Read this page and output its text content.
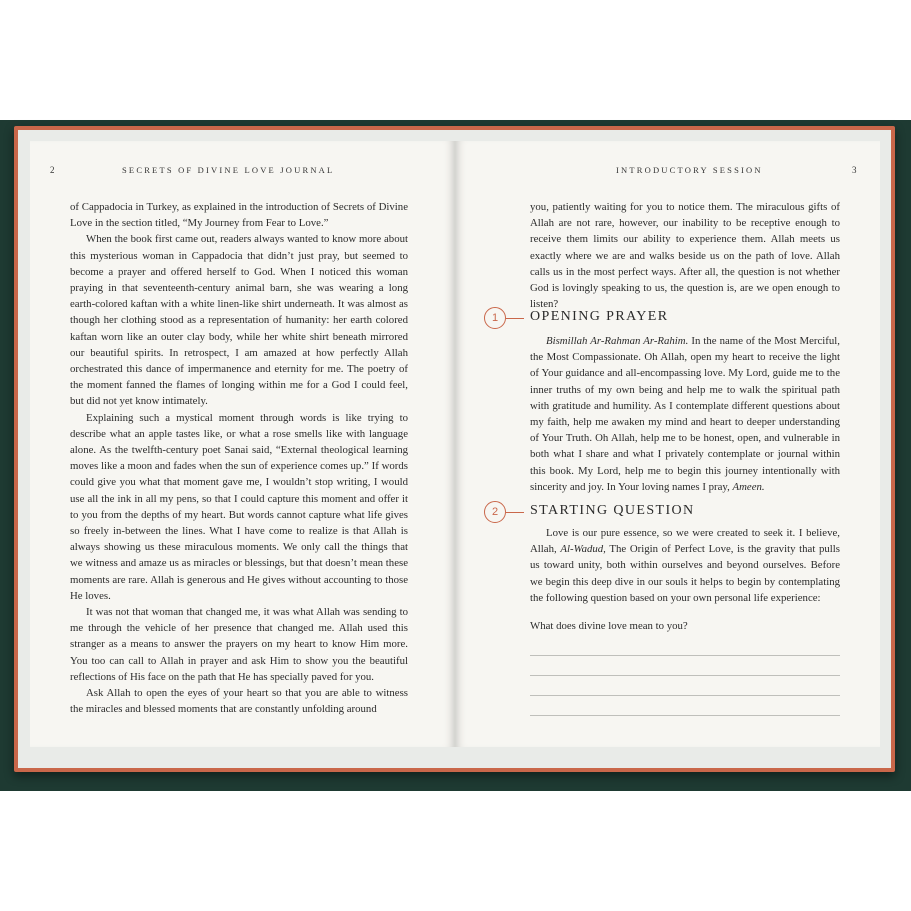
2	SECRETS OF DIVINE LOVE JOURNAL

of Cappadocia in Turkey, as explained in the introduction of Secrets of Divine Love in the section titled, “My Journey from Fear to Love.”

When the book first came out, readers always wanted to know more about this mysterious woman in Cappadocia that didn’t just pray, but seemed to become a prayer and offered herself to God. When I noticed this woman praying in that seventeenth-century animal barn, she was wearing a long earth-colored kaftan with a white linen-like shirt underneath. It was almost as though her clothing stood as a representation of humanity: her earth colored kaftan worn like an outer clay body, while her white shirt beneath mirrored our beautiful spirits. In retrospect, I am amazed at how perfectly Allah orchestrated this dance of impermanence and eternity for me. The poetry of the moment fanned the flames of longing within me for a God I could feel, but did not yet know intimately.

Explaining such a mystical moment through words is like trying to describe what an apple tastes like, or what a rose smells like with language alone. As the twelfth-century poet Sanai said, “External theological learning moves like a moon and fades when the sun of experience comes up.” If words could give you what that moment gave me, I wouldn’t stop writing, I would use all the ink in all my pens, so that I could capture this moment and offer it to you from the depths of my heart. But words cannot capture what life gives so freely in-between the lines. What I have come to realize is that Allah is always showing us these miraculous moments. We only call the things that we witness and amaze us as miracles or blessings, but that doesn’t mean these moments are rare. Allah is generous and He gives without accounting to those He loves.

It was not that woman that changed me, it was what Allah was sending to me through the vehicle of her presence that changed me. Allah used this stranger as a means to answer the prayers on my heart to know Him more. You too can call to Allah in prayer and ask Him to show you the beautiful reflections of His face on the path that He has specially paved for you.

Ask Allah to open the eyes of your heart so that you are able to witness the miracles and blessed moments that are constantly unfolding around

INTRODUCTORY SESSION	3

you, patiently waiting for you to notice them. The miraculous gifts of Allah are not rare, however, our inability to be receptive enough to receive them limits our ability to experience them. Allah meets us exactly where we are and walks beside us on the path of love. Allah calls us in the most perfect ways. After all, the question is not whether God is lovingly speaking to us, the question is, are we open enough to listen?

1	OPENING PRAYER

Bismillah Ar-Rahman Ar-Rahim. In the name of the Most Merciful, the Most Compassionate. Oh Allah, open my heart to receive the light of Your guidance and all-encompassing love. My Lord, guide me to the inner truths of my own being and help me to walk the spiritual path with gratitude and humility. As I contemplate different questions about my faith, help me awaken my mind and heart to deeper understanding of Your Truth. Oh Allah, help me to be honest, open, and vulnerable in both what I share and what I privately contemplate or journal within this book. My Lord, help me to begin this journey intentionally with sincerity and joy. In Your loving names I pray, Ameen.

2	STARTING QUESTION

Love is our pure essence, so we were created to seek it. I believe, Allah, Al-Wadud, The Origin of Perfect Love, is the gravity that pulls us toward unity, both within ourselves and beyond ourselves. Before we begin this deep dive in our souls it helps to begin by contemplating the following question based on your own personal life experience:

What does divine love mean to you?
